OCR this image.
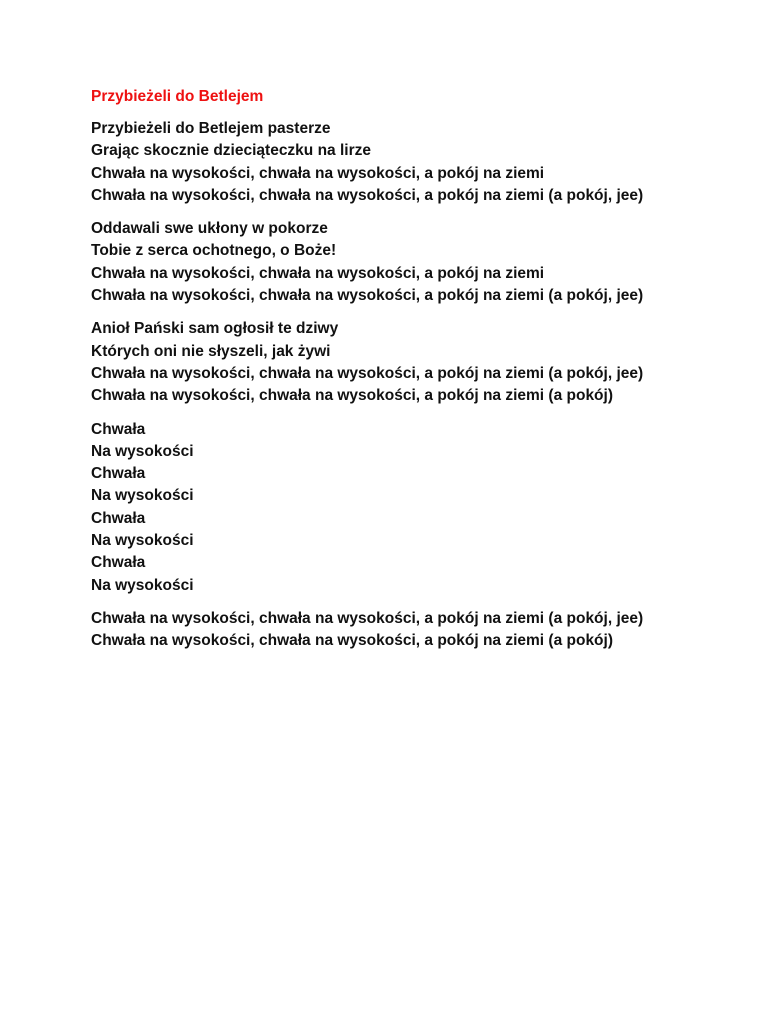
Przybieżeli do Betlejem
Przybieżeli do Betlejem pasterze
Grając skocznie dzieciąteczku na lirze
Chwała na wysokości, chwała na wysokości, a pokój na ziemi
Chwała na wysokości, chwała na wysokości, a pokój na ziemi (a pokój, jee)
Oddawali swe ukłony w pokorze
Tobie z serca ochotnego, o Boże!
Chwała na wysokości, chwała na wysokości, a pokój na ziemi
Chwała na wysokości, chwała na wysokości, a pokój na ziemi (a pokój, jee)
Anioł Pański sam ogłosił te dziwy
Których oni nie słyszeli, jak żywi
Chwała na wysokości, chwała na wysokości, a pokój na ziemi (a pokój, jee)
Chwała na wysokości, chwała na wysokości, a pokój na ziemi (a pokój)
Chwała
Na wysokości
Chwała
Na wysokości
Chwała
Na wysokości
Chwała
Na wysokości
Chwała na wysokości, chwała na wysokości, a pokój na ziemi (a pokój, jee)
Chwała na wysokości, chwała na wysokości, a pokój na ziemi (a pokój)
